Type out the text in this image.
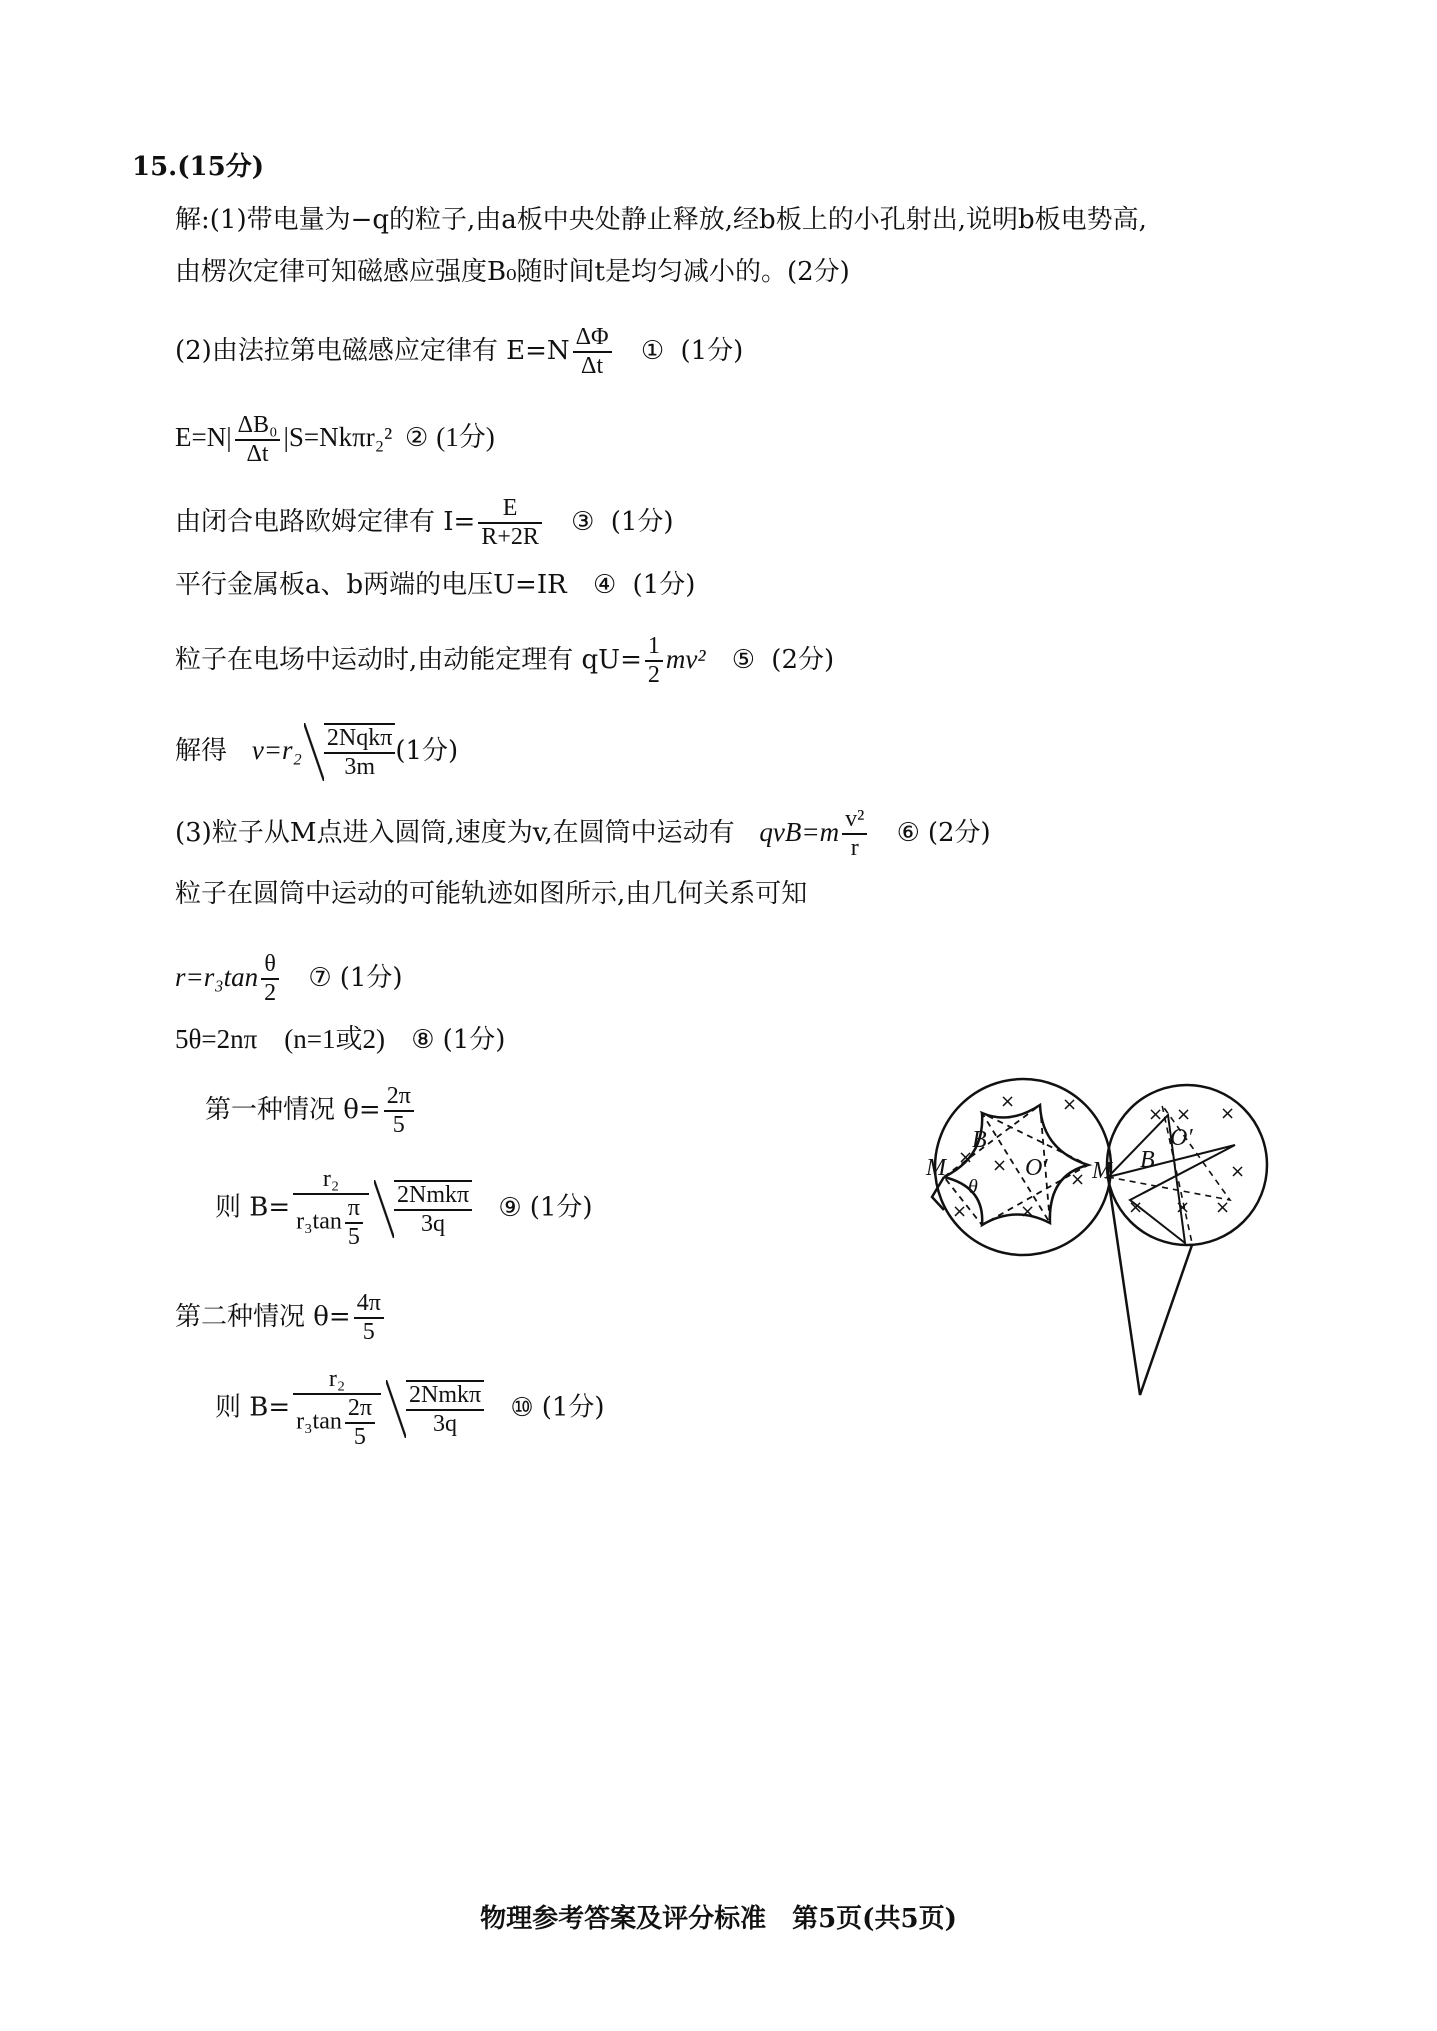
15.(15分)
解:(1)带电量为−q的粒子,由a板中央处静止释放,经b板上的小孔射出,说明b板电势高,
由楞次定律可知磁感应强度B₀随时间t是均匀减小的。(2分)
(2)由法拉第电磁感应定律有 $E=N \frac{\Delta\Phi}{\Delta t}$ ① (1分)
$E=N| \frac{\text{ΔB₀}}{\Delta t} |S=Nk\pi r_2^2$ ② (1分)
由闭合电路欧姆定律有 $I= \frac{E}{R+2R}$ ③ (1分)
平行金属板a、b两端的电压U=IR ④ (1分)
粒子在电场中运动时,由动能定理有 $qU= \frac{1}{2} mv^2$ ⑤ (2分)
解得 $v=r_2 \frac{\text{2Nqkπ}}{3m} (1$分)
(3)粒子从M点进入圆筒,速度为v,在圆筒中运动有 $qvB=m \frac{\text{v²}}{r}$ ⑥ (2分)
粒子在圆筒中运动的可能轨迹如图所示,由几何关系可知
$r=r_3\tan \frac{\theta}{2}$ ⑦ (1分)
5θ=2nπ　(n=1或2) ⑧ (1分)
第一种情况 $\theta= \frac{2\pi}{5}$
则 $B= \frac{\text{r₂}}{r_3\tan \frac{\pi}{5}} \frac{\text{2Nmkπ}}{3q}$ ⑨ (1分)
第二种情况 $\theta= \frac{4\pi}{5}$
则 $B= \frac{\text{r₂}}{r_3\tan \frac{2\pi}{5}} \frac{\text{2Nmkπ}}{3q}$ ⑩ (1分)
M
B
O′
θ
M B
O′
×	×
× ×
×
×	×
× × ×
×
× × ×
物理参考答案及评分标准　第5页(共5页)
